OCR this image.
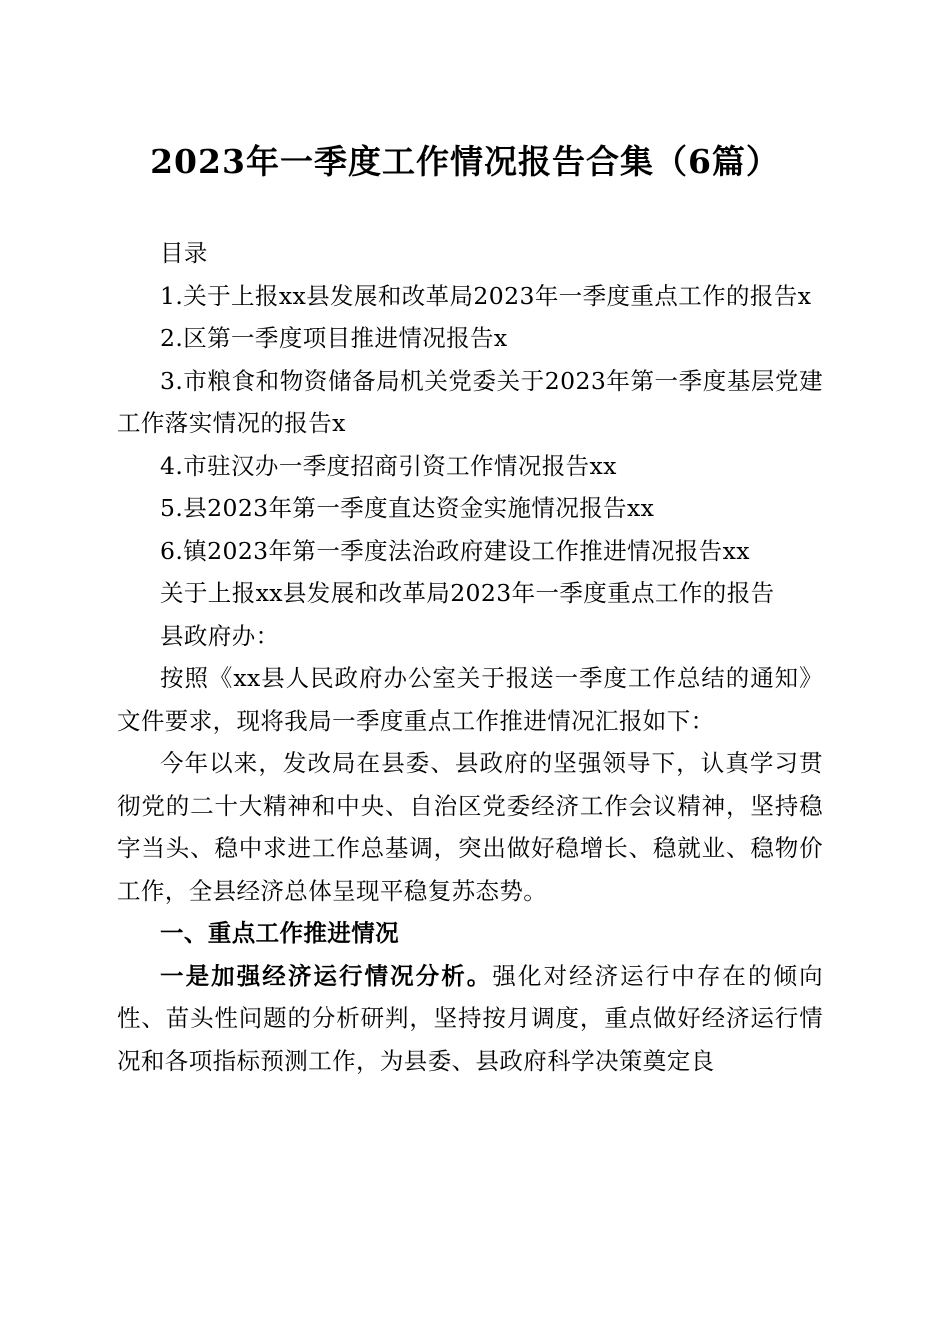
2023年一季度工作情况报告合集（6篇）

目录

1.关于上报xx县发展和改革局2023年一季度重点工作的报告x

2.区第一季度项目推进情况报告x

3.市粮食和物资储备局机关党委关于2023年第一季度基层党建工作落实情况的报告x

4.市驻汉办一季度招商引资工作情况报告xx

5.县2023年第一季度直达资金实施情况报告xx

6.镇2023年第一季度法治政府建设工作推进情况报告xx

关于上报xx县发展和改革局2023年一季度重点工作的报告

县政府办：

按照《xx县人民政府办公室关于报送一季度工作总结的通知》文件要求，现将我局一季度重点工作推进情况汇报如下：

今年以来，发改局在县委、县政府的坚强领导下，认真学习贯彻党的二十大精神和中央、自治区党委经济工作会议精神，坚持稳字当头、稳中求进工作总基调，突出做好稳增长、稳就业、稳物价工作，全县经济总体呈现平稳复苏态势。

一、重点工作推进情况

一是加强经济运行情况分析。强化对经济运行中存在的倾向性、苗头性问题的分析研判，坚持按月调度，重点做好经济运行情况和各项指标预测工作，为县委、县政府科学决策奠定良
